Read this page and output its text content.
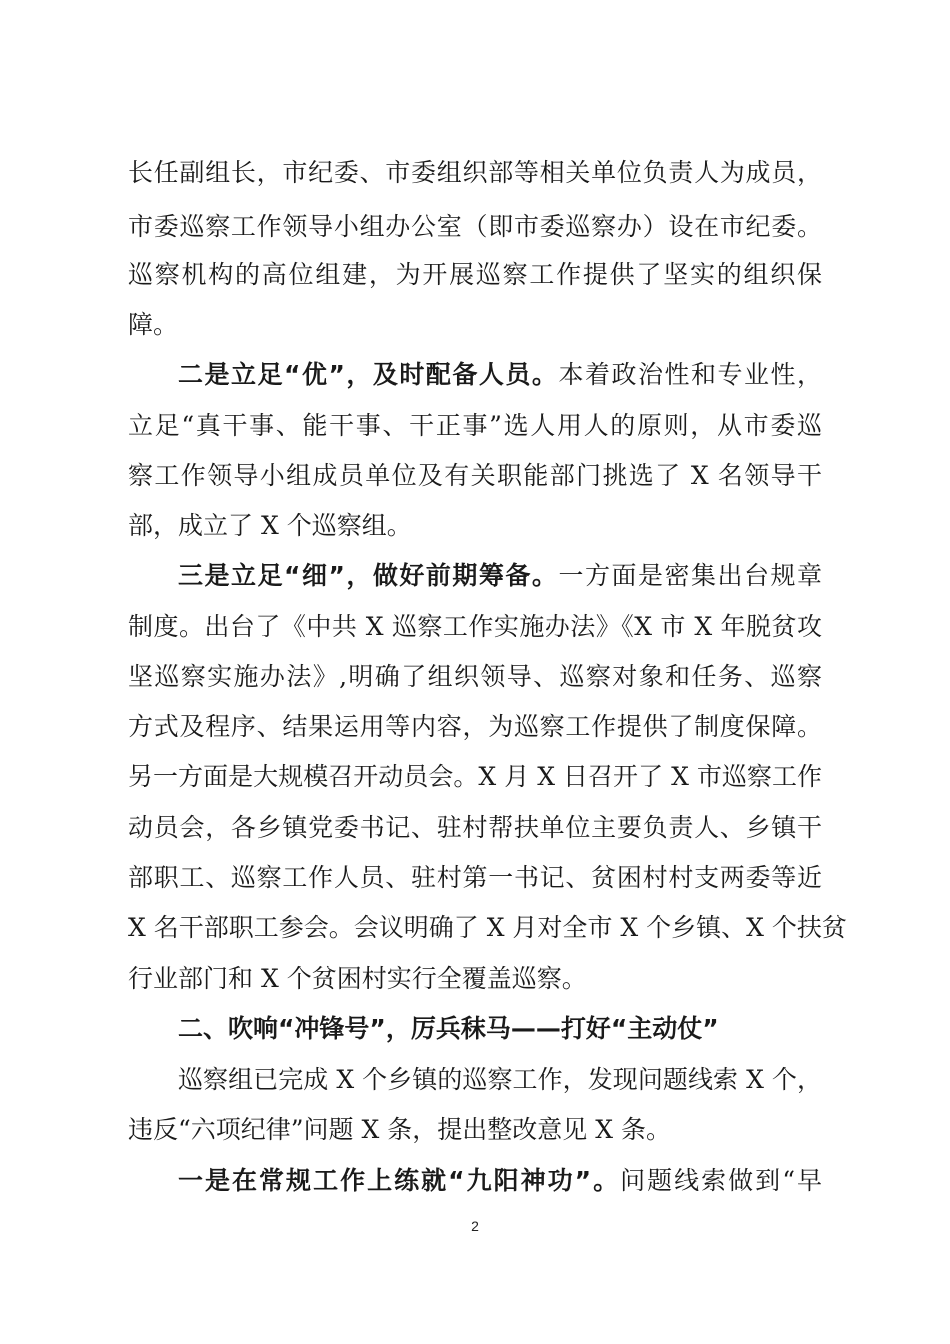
长任副组长，市纪委、市委组织部等相关单位负责人为成员，
市委巡察工作领导小组办公室（即市委巡察办）设在市纪委。
巡察机构的高位组建，为开展巡察工作提供了坚实的组织保
障。
二是立足“优”，及时配备人员。本着政治性和专业性，
立足“真干事、能干事、干正事”选人用人的原则，从市委巡
察工作领导小组成员单位及有关职能部门挑选了 X 名领导干
部，成立了 X 个巡察组。
三是立足“细”，做好前期筹备。一方面是密集出台规章
制度。出台了《中共 X 巡察工作实施办法》《X 市 X 年脱贫攻
坚巡察实施办法》,明确了组织领导、巡察对象和任务、巡察
方式及程序、结果运用等内容，为巡察工作提供了制度保障。
另一方面是大规模召开动员会。X 月 X 日召开了 X 市巡察工作
动员会，各乡镇党委书记、驻村帮扶单位主要负责人、乡镇干
部职工、巡察工作人员、驻村第一书记、贫困村村支两委等近
X 名干部职工参会。会议明确了 X 月对全市 X 个乡镇、X 个扶贫
行业部门和 X 个贫困村实行全覆盖巡察。
二、吹响“冲锋号”，厉兵秣马——打好“主动仗”
巡察组已完成 X 个乡镇的巡察工作，发现问题线索 X 个，
违反“六项纪律”问题 X 条，提出整改意见 X 条。
一是在常规工作上练就“九阳神功”。问题线索做到“早
2
